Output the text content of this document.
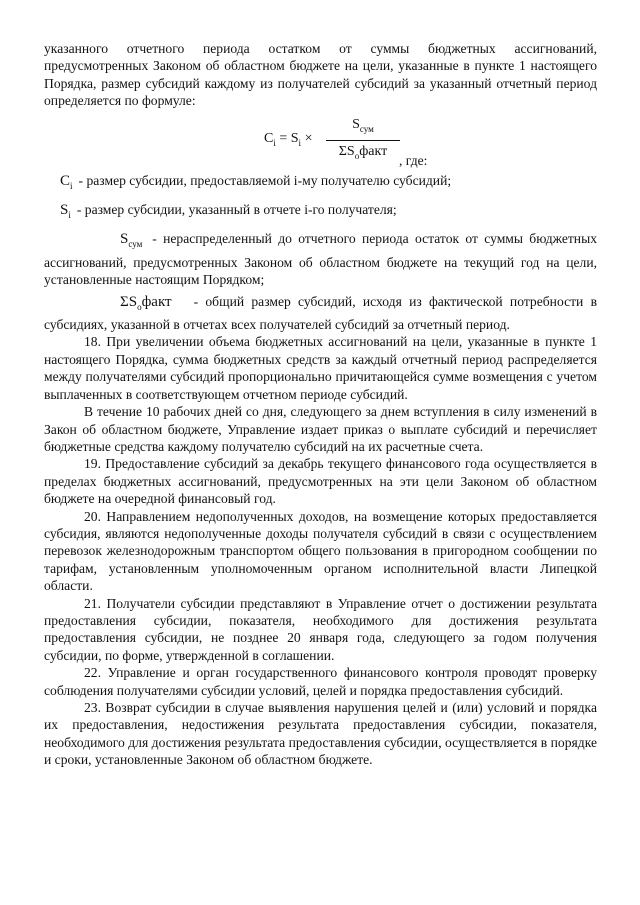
указанного отчетного периода остатком от суммы бюджетных ассигнований, предусмотренных Законом об областном бюджете на цели, указанные в пункте 1 настоящего Порядка, размер субсидий каждому из получателей субсидий за указанный отчетный период определяется по формуле:

$C_i = S_i$ ×
$S_{сум}$
$\Sigma S_oфакт$
, где:

$C_i$ - размер субсидии, предоставляемой i-му получателю субсидий;

$S_i$ - размер субсидии, указанный в отчете i-го получателя;

$S_{сум}$ - нераспределенный до отчетного периода остаток от суммы бюджетных ассигнований, предусмотренных Законом об областном бюджете на текущий год на цели, установленные настоящим Порядком;

$\Sigma S_oфакт$ - общий размер субсидий, исходя из фактической потребности в субсидиях, указанной в отчетах всех получателей субсидий за отчетный период.

18. При увеличении объема бюджетных ассигнований на цели, указанные в пункте 1 настоящего Порядка, сумма бюджетных средств за каждый отчетный период распределяется между получателями субсидий пропорционально причитающейся сумме возмещения с учетом выплаченных в соответствующем отчетном периоде субсидий.

В течение 10 рабочих дней со дня, следующего за днем вступления в силу изменений в Закон об областном бюджете, Управление издает приказ о выплате субсидий и перечисляет бюджетные средства каждому получателю субсидий на их расчетные счета.

19. Предоставление субсидий за декабрь текущего финансового года осуществляется в пределах бюджетных ассигнований, предусмотренных на эти цели Законом об областном бюджете на очередной финансовый год.

20. Направлением недополученных доходов, на возмещение которых предоставляется субсидия, являются недополученные доходы получателя субсидий в связи с осуществлением перевозок железнодорожным транспортом общего пользования в пригородном сообщении по тарифам, установленным уполномоченным органом исполнительной власти Липецкой области.

21. Получатели субсидии представляют в Управление отчет о достижении результата предоставления субсидии, показателя, необходимого для достижения результата предоставления субсидии, не позднее 20 января года, следующего за годом получения субсидии, по форме, утвержденной в соглашении.

22. Управление и орган государственного финансового контроля проводят проверку соблюдения получателями субсидии условий, целей и порядка предоставления субсидий.

23. Возврат субсидии в случае выявления нарушения целей и (или) условий и порядка их предоставления, недостижения результата предоставления субсидии, показателя, необходимого для достижения результата предоставления субсидии, осуществляется в порядке и сроки, установленные Законом об областном бюджете.
